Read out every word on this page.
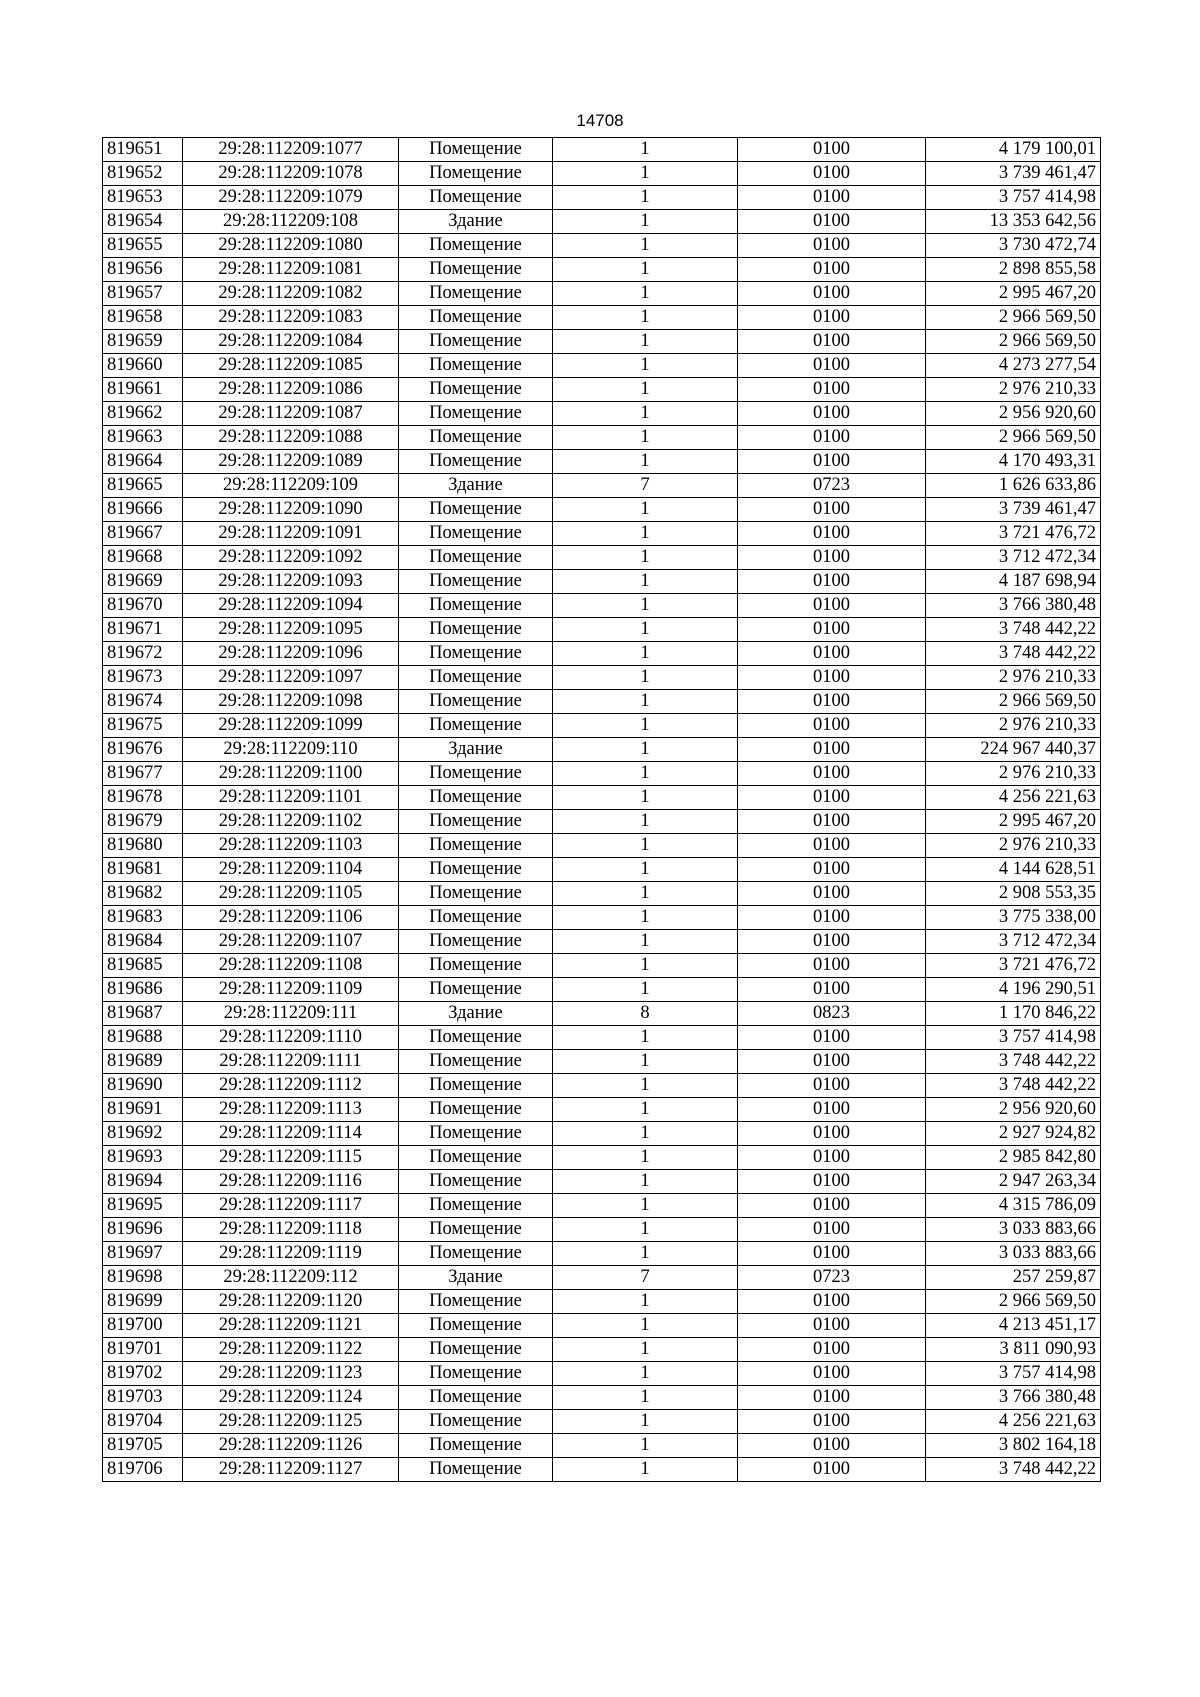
14708
819651	29:28:112209:1077	Помещение	1	0100	4 179 100,01
819652	29:28:112209:1078	Помещение	1	0100	3 739 461,47
819653	29:28:112209:1079	Помещение	1	0100	3 757 414,98
819654	29:28:112209:108	Здание	1	0100	13 353 642,56
819655	29:28:112209:1080	Помещение	1	0100	3 730 472,74
819656	29:28:112209:1081	Помещение	1	0100	2 898 855,58
819657	29:28:112209:1082	Помещение	1	0100	2 995 467,20
819658	29:28:112209:1083	Помещение	1	0100	2 966 569,50
819659	29:28:112209:1084	Помещение	1	0100	2 966 569,50
819660	29:28:112209:1085	Помещение	1	0100	4 273 277,54
819661	29:28:112209:1086	Помещение	1	0100	2 976 210,33
819662	29:28:112209:1087	Помещение	1	0100	2 956 920,60
819663	29:28:112209:1088	Помещение	1	0100	2 966 569,50
819664	29:28:112209:1089	Помещение	1	0100	4 170 493,31
819665	29:28:112209:109	Здание	7	0723	1 626 633,86
819666	29:28:112209:1090	Помещение	1	0100	3 739 461,47
819667	29:28:112209:1091	Помещение	1	0100	3 721 476,72
819668	29:28:112209:1092	Помещение	1	0100	3 712 472,34
819669	29:28:112209:1093	Помещение	1	0100	4 187 698,94
819670	29:28:112209:1094	Помещение	1	0100	3 766 380,48
819671	29:28:112209:1095	Помещение	1	0100	3 748 442,22
819672	29:28:112209:1096	Помещение	1	0100	3 748 442,22
819673	29:28:112209:1097	Помещение	1	0100	2 976 210,33
819674	29:28:112209:1098	Помещение	1	0100	2 966 569,50
819675	29:28:112209:1099	Помещение	1	0100	2 976 210,33
819676	29:28:112209:110	Здание	1	0100	224 967 440,37
819677	29:28:112209:1100	Помещение	1	0100	2 976 210,33
819678	29:28:112209:1101	Помещение	1	0100	4 256 221,63
819679	29:28:112209:1102	Помещение	1	0100	2 995 467,20
819680	29:28:112209:1103	Помещение	1	0100	2 976 210,33
819681	29:28:112209:1104	Помещение	1	0100	4 144 628,51
819682	29:28:112209:1105	Помещение	1	0100	2 908 553,35
819683	29:28:112209:1106	Помещение	1	0100	3 775 338,00
819684	29:28:112209:1107	Помещение	1	0100	3 712 472,34
819685	29:28:112209:1108	Помещение	1	0100	3 721 476,72
819686	29:28:112209:1109	Помещение	1	0100	4 196 290,51
819687	29:28:112209:111	Здание	8	0823	1 170 846,22
819688	29:28:112209:1110	Помещение	1	0100	3 757 414,98
819689	29:28:112209:1111	Помещение	1	0100	3 748 442,22
819690	29:28:112209:1112	Помещение	1	0100	3 748 442,22
819691	29:28:112209:1113	Помещение	1	0100	2 956 920,60
819692	29:28:112209:1114	Помещение	1	0100	2 927 924,82
819693	29:28:112209:1115	Помещение	1	0100	2 985 842,80
819694	29:28:112209:1116	Помещение	1	0100	2 947 263,34
819695	29:28:112209:1117	Помещение	1	0100	4 315 786,09
819696	29:28:112209:1118	Помещение	1	0100	3 033 883,66
819697	29:28:112209:1119	Помещение	1	0100	3 033 883,66
819698	29:28:112209:112	Здание	7	0723	257 259,87
819699	29:28:112209:1120	Помещение	1	0100	2 966 569,50
819700	29:28:112209:1121	Помещение	1	0100	4 213 451,17
819701	29:28:112209:1122	Помещение	1	0100	3 811 090,93
819702	29:28:112209:1123	Помещение	1	0100	3 757 414,98
819703	29:28:112209:1124	Помещение	1	0100	3 766 380,48
819704	29:28:112209:1125	Помещение	1	0100	4 256 221,63
819705	29:28:112209:1126	Помещение	1	0100	3 802 164,18
819706	29:28:112209:1127	Помещение	1	0100	3 748 442,22
